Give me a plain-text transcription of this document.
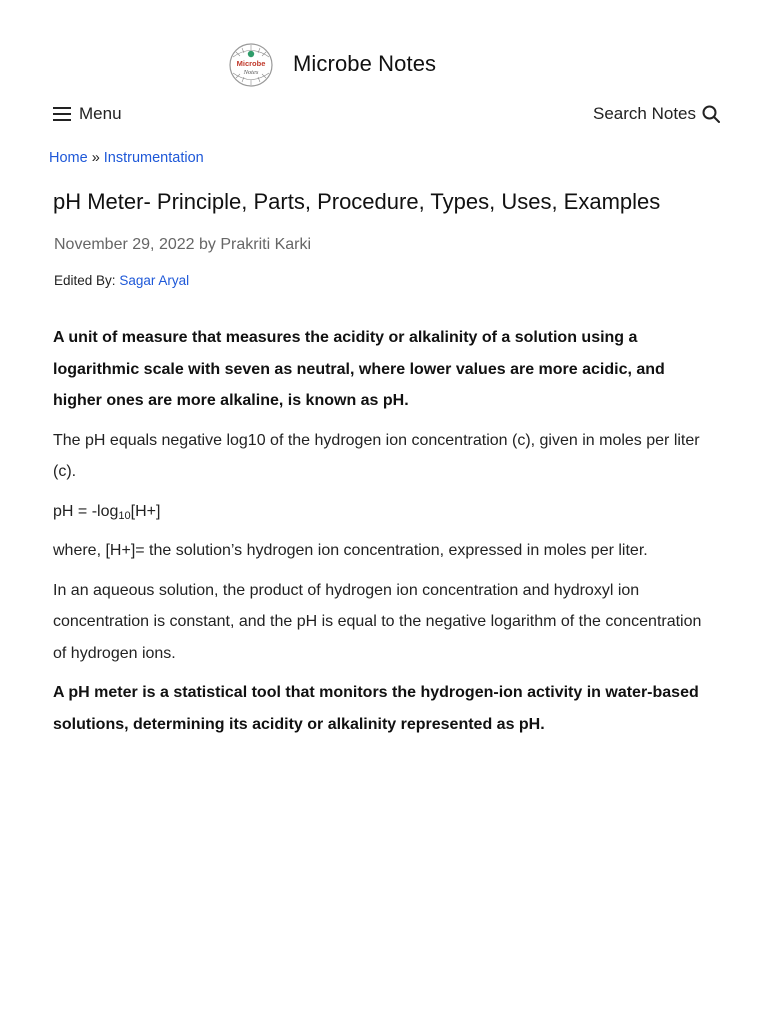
Microbe
Notes Microbe Notes
Menu	Search Notes
Home » Instrumentation
pH Meter- Principle, Parts, Procedure, Types, Uses, Examples
November 29, 2022 by Prakriti Karki
Edited By: Sagar Aryal

A unit of measure that measures the acidity or alkalinity of a solution using a logarithmic scale with seven as neutral, where lower values are more acidic, and higher ones are more alkaline, is known as pH.

The pH equals negative log10 of the hydrogen ion concentration (c), given in moles per liter (c).

pH = $-\log_{10}[H+]$

where, [H+]= the solution’s hydrogen ion concentration, expressed in moles per liter.

In an aqueous solution, the product of hydrogen ion concentration and hydroxyl ion concentration is constant, and the pH is equal to the negative logarithm of the concentration of hydrogen ions.

A pH meter is a statistical tool that monitors the hydrogen-ion activity in water-based solutions, determining its acidity or alkalinity represented as pH.
